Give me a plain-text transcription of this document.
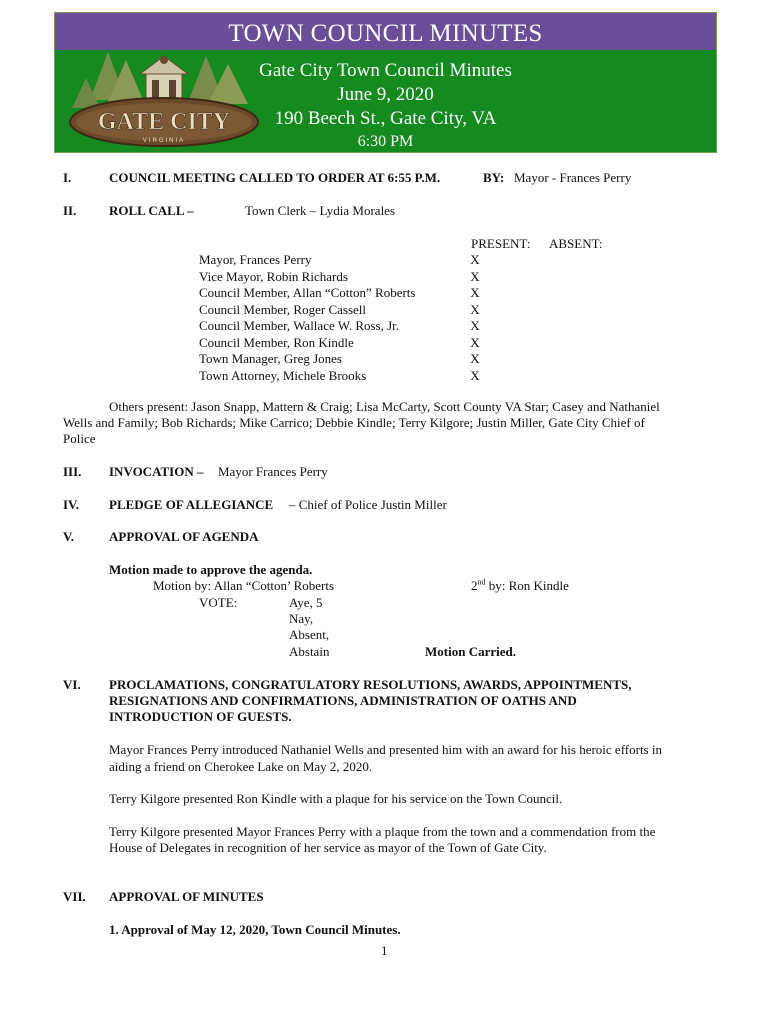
TOWN COUNCIL MINUTES
Gate City Town Council Minutes
June 9, 2020
190 Beech St., Gate City, VA
6:30 PM
GATE CITY
VIRGINIA
I.	COUNCIL MEETING CALLED TO ORDER AT 6:55 P.M.	BY: Mayor - Frances Perry
II.	ROLL CALL –	Town Clerk – Lydia Morales
PRESENT: ABSENT:
Mayor, Frances Perry	X
Vice Mayor, Robin Richards	X
Council Member, Allan “Cotton” Roberts	X
Council Member, Roger Cassell	X
Council Member, Wallace W. Ross, Jr.	X
Council Member, Ron Kindle	X
Town Manager, Greg Jones	X
Town Attorney, Michele Brooks	X
Others present: Jason Snapp, Mattern & Craig; Lisa McCarty, Scott County VA Star; Casey and Nathaniel
Wells and Family; Bob Richards; Mike Carrico; Debbie Kindle; Terry Kilgore; Justin Miller, Gate City Chief of
Police
III. INVOCATION – Mayor Frances Perry
IV. PLEDGE OF ALLEGIANCE – Chief of Police Justin Miller
V.	APPROVAL OF AGENDA
Motion made to approve the agenda.
Motion by: Allan “Cotton’ Roberts	2nd by: Ron Kindle
VOTE:	Aye, 5
Nay,
Absent,
Abstain	Motion Carried.
VI. PROCLAMATIONS, CONGRATULATORY RESOLUTIONS, AWARDS, APPOINTMENTS,
RESIGNATIONS AND CONFIRMATIONS, ADMINISTRATION OF OATHS AND
INTRODUCTION OF GUESTS.
Mayor Frances Perry introduced Nathaniel Wells and presented him with an award for his heroic efforts in
aiding a friend on Cherokee Lake on May 2, 2020.
Terry Kilgore presented Ron Kindle with a plaque for his service on the Town Council.
Terry Kilgore presented Mayor Frances Perry with a plaque from the town and a commendation from the
House of Delegates in recognition of her service as mayor of the Town of Gate City.
VII. APPROVAL OF MINUTES
1. Approval of May 12, 2020, Town Council Minutes.
1
